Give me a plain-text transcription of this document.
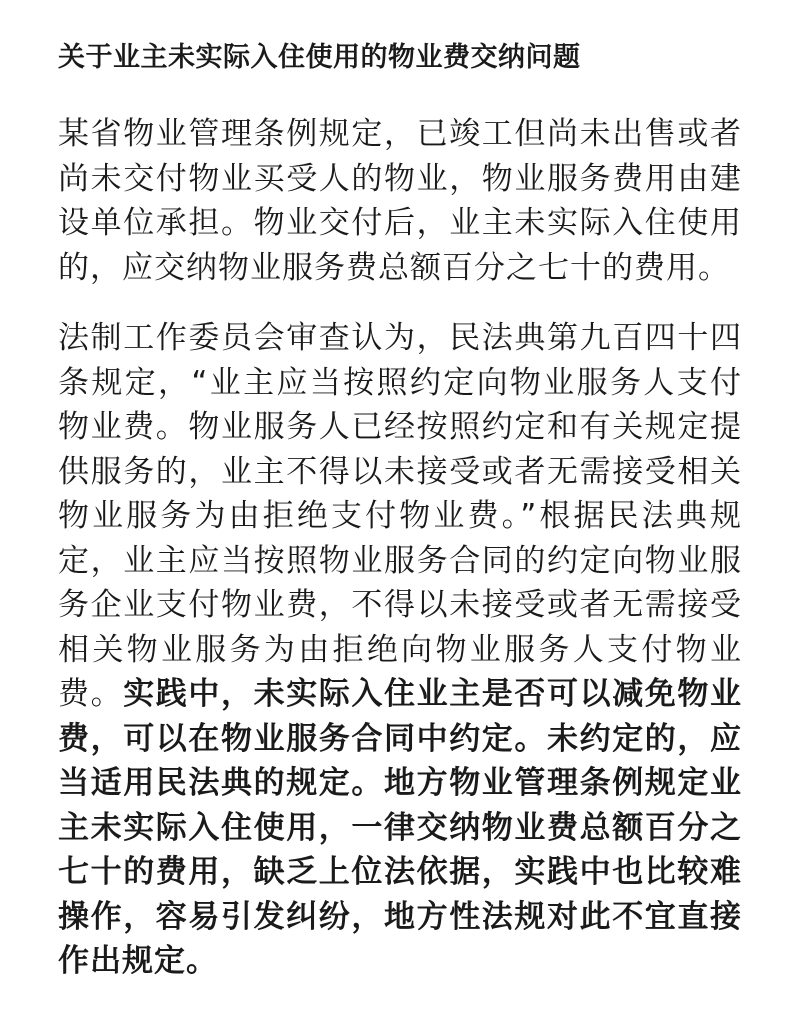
关于业主未实际入住使用的物业费交纳问题

某省物业管理条例规定，已竣工但尚未出售或者尚未交付物业买受人的物业，物业服务费用由建设单位承担。物业交付后，业主未实际入住使用的，应交纳物业服务费总额百分之七十的费用。

法制工作委员会审查认为，民法典第九百四十四条规定，“业主应当按照约定向物业服务人支付物业费。物业服务人已经按照约定和有关规定提供服务的，业主不得以未接受或者无需接受相关物业服务为由拒绝支付物业费。”根据民法典规定，业主应当按照物业服务合同的约定向物业服务企业支付物业费，不得以未接受或者无需接受相关物业服务为由拒绝向物业服务人支付物业费。实践中，未实际入住业主是否可以减免物业费，可以在物业服务合同中约定。未约定的，应当适用民法典的规定。地方物业管理条例规定业主未实际入住使用，一律交纳物业费总额百分之七十的费用，缺乏上位法依据，实践中也比较难操作，容易引发纠纷，地方性法规对此不宜直接作出规定。
